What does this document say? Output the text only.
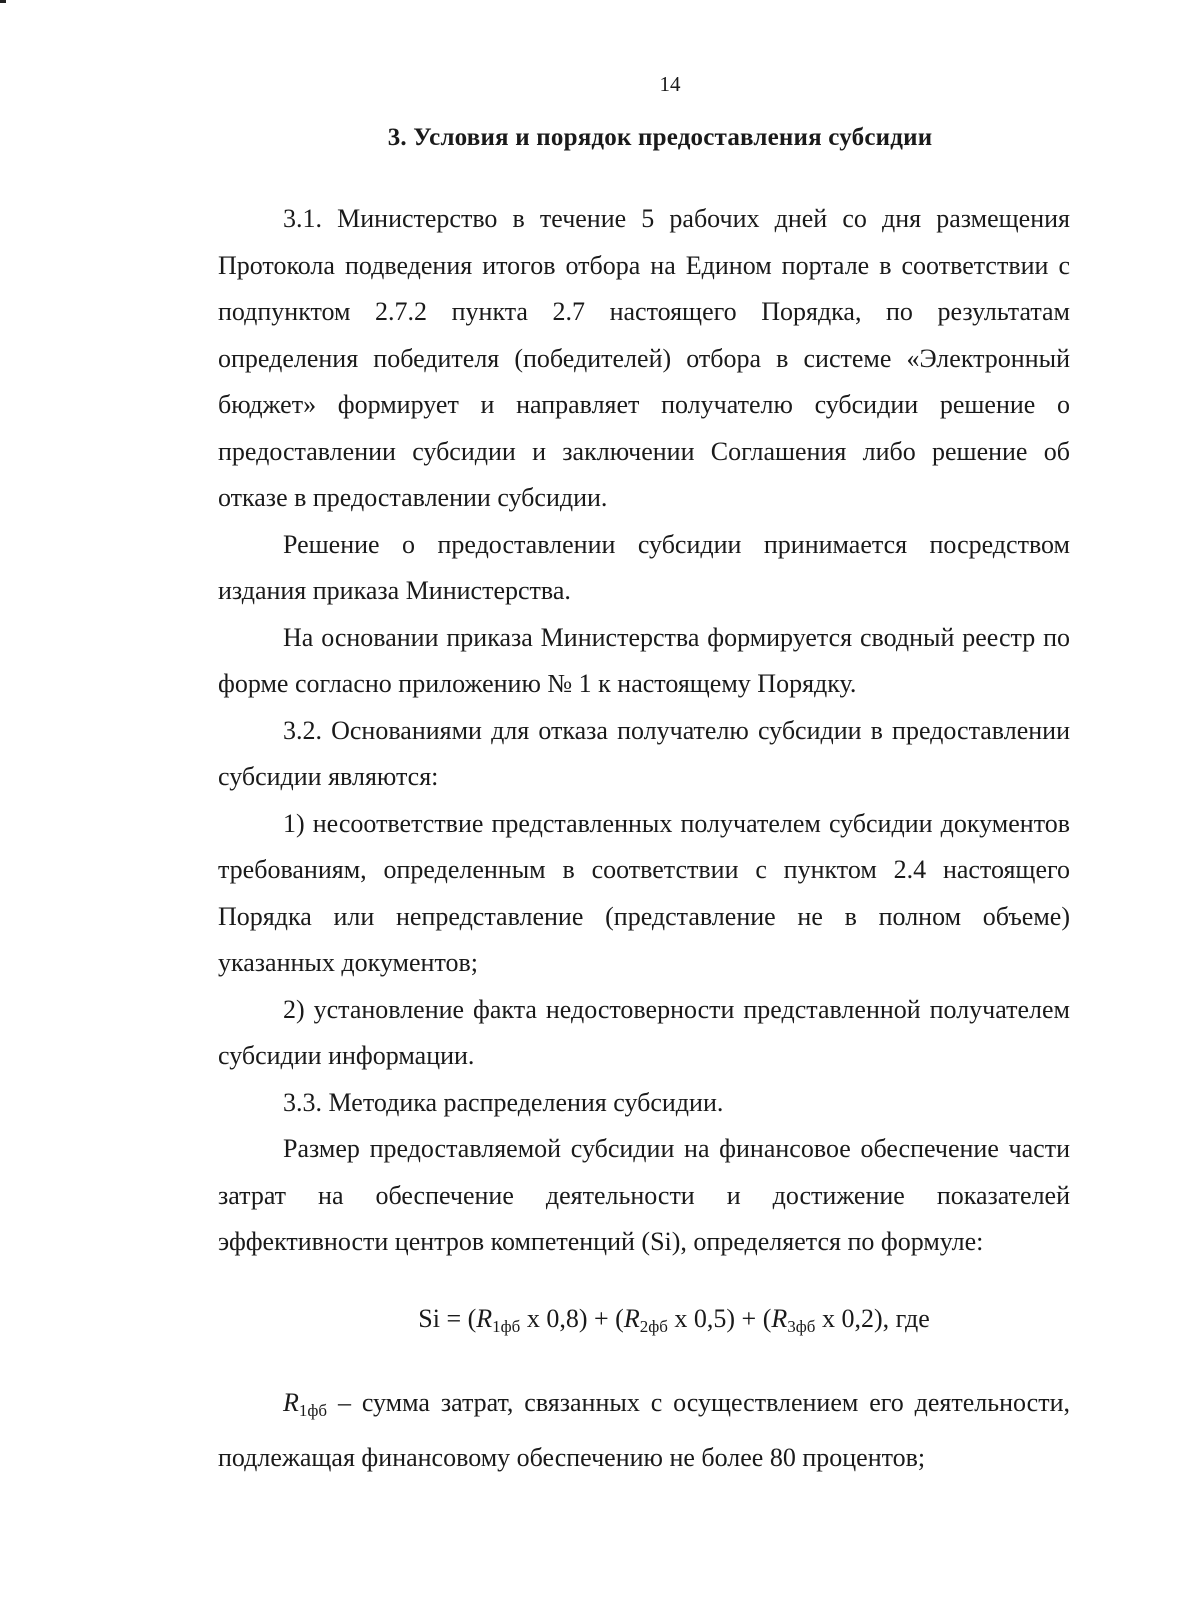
14
3. Условия и порядок предоставления субсидии

3.1. Министерство в течение 5 рабочих дней со дня размещения Протокола подведения итогов отбора на Едином портале в соответствии с подпунктом 2.7.2 пункта 2.7 настоящего Порядка, по результатам определения победителя (победителей) отбора в системе «Электронный бюджет» формирует и направляет получателю субсидии решение о предоставлении субсидии и заключении Соглашения либо решение об отказе в предоставлении субсидии.

Решение о предоставлении субсидии принимается посредством издания приказа Министерства.

На основании приказа Министерства формируется сводный реестр по форме согласно приложению № 1 к настоящему Порядку.

3.2. Основаниями для отказа получателю субсидии в предоставлении субсидии являются:

1) несоответствие представленных получателем субсидии документов требованиям, определенным в соответствии с пунктом 2.4 настоящего Порядка или непредставление (представление не в полном объеме) указанных документов;

2) установление факта недостоверности представленной получателем субсидии информации.

3.3. Методика распределения субсидии.

Размер предоставляемой субсидии на финансовое обеспечение части затрат на обеспечение деятельности и достижение показателей эффективности центров компетенций (Si), определяется по формуле:

$Si = (R_{1фб}$ х $0,8) + (R_{2фб}$ х $0,5) + (R_{3фб}$ х 0,2), где

$R_{1фб}$ – сумма затрат, связанных с осуществлением его деятельности, подлежащая финансовому обеспечению не более 80 процентов;
